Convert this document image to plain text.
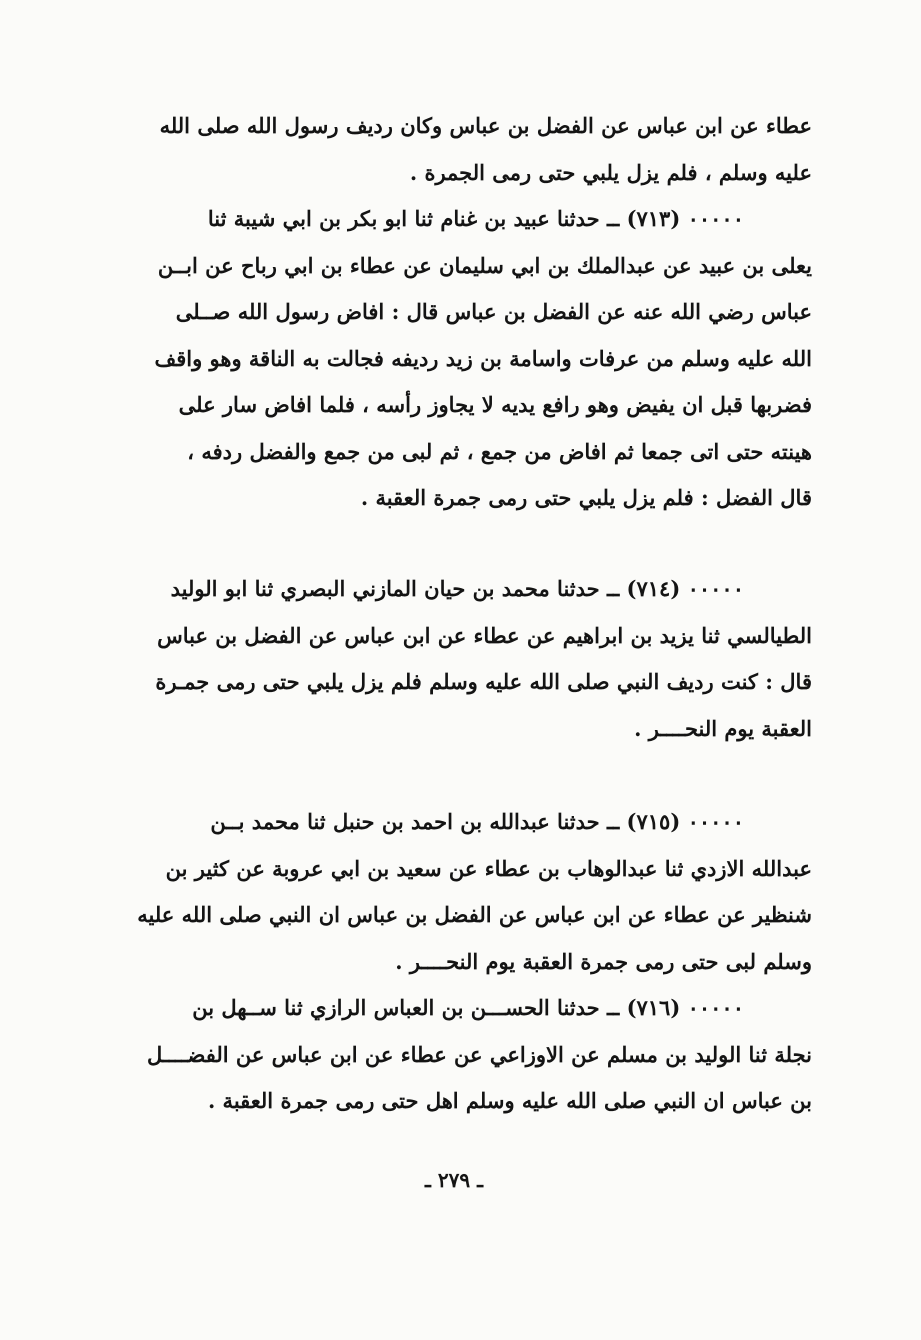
عطاء عن ابن عباس عن الفضل بن عباس وكان رديف رسول الله صلى الله

عليه وسلم ، فلم يزل يلبي حتى رمى الجمرة .

٠٠٠٠٠ (٧١٣) ــ حدثنا عبيد بن غنام ثنا ابو بكر بن ابي شيبة ثنا

يعلى بن عبيد عن عبدالملك بن ابي سليمان عن عطاء بن ابي رباح عن ابــن

عباس رضي الله عنه عن الفضل بن عباس قال : افاض رسول الله صــلى

الله عليه وسلم من عرفات واسامة بن زيد رديفه فجالت به الناقة وهو واقف

فضربها قبل ان يفيض وهو رافع يديه لا يجاوز رأسه ، فلما افاض سار على

هينته حتى اتى جمعا ثم افاض من جمع ، ثم لبى من جمع والفضل ردفه ،

قال الفضل : فلم يزل يلبي حتى رمى جمرة العقبة .

٠٠٠٠٠ (٧١٤) ــ حدثنا محمد بن حيان المازني البصري ثنا ابو الوليد

الطيالسي ثنا يزيد بن ابراهيم عن عطاء عن ابن عباس عن الفضل بن عباس

قال : كنت رديف النبي صلى الله عليه وسلم فلم يزل يلبي حتى رمى جمـرة

العقبة يوم النحــــر .

٠٠٠٠٠ (٧١٥) ــ حدثنا عبدالله بن احمد بن حنبل ثنا محمد بــن

عبدالله الازدي ثنا عبدالوهاب بن عطاء عن سعيد بن ابي عروبة عن كثير بن

شنظير عن عطاء عن ابن عباس عن الفضل بن عباس ان النبي صلى الله عليه

وسلم لبى حتى رمى جمرة العقبة يوم النحــــر .

٠٠٠٠٠ (٧١٦) ــ حدثنا الحســـن بن العباس الرازي ثنا ســهل بن

نجلة ثنا الوليد بن مسلم عن الاوزاعي عن عطاء عن ابن عباس عن الفضــــل

بن عباس ان النبي صلى الله عليه وسلم اهل حتى رمى جمرة العقبة .

ـ ٢٧٩ ـ
